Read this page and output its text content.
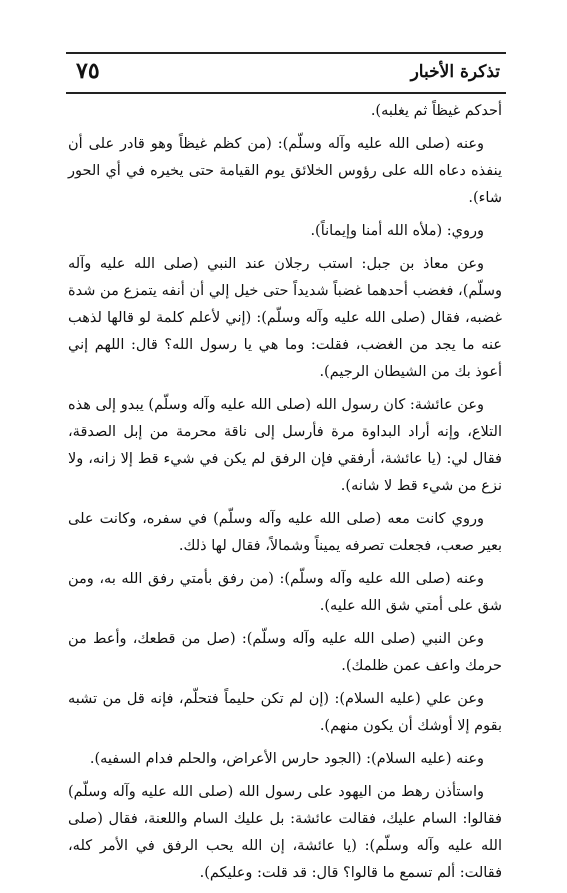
تذكرة الأخبار
٧٥

أحدكم غيظاً ثم يغلبه).

وعنه (صلى الله عليه وآله وسلّم): (من كظم غيظاً وهو قادر على أن ينفذه دعاه الله على رؤوس الخلائق يوم القيامة حتى يخيره في أي الحور شاء).

وروي: (ملأه الله أمنا وإيماناً).

وعن معاذ بن جبل: استب رجلان عند النبي (صلى الله عليه وآله وسلّم)، فغضب أحدهما غضباً شديداً حتى خيل إلي أن أنفه يتمزع من شدة غضبه، فقال (صلى الله عليه وآله وسلّم): (إني لأعلم كلمة لو قالها لذهب عنه ما يجد من الغضب، فقلت: وما هي يا رسول الله؟ قال: اللهم إني أعوذ بك من الشيطان الرجيم).

وعن عائشة: كان رسول الله (صلى الله عليه وآله وسلّم) يبدو إلى هذه التلاع، وإنه أراد البداوة مرة فأرسل إلى ناقة محرمة من إبل الصدقة، فقال لي: (يا عائشة، أرفقي فإن الرفق لم يكن في شيء قط إلا زانه، ولا نزع من شيء قط لا شانه).

وروي كانت معه (صلى الله عليه وآله وسلّم) في سفره، وكانت على بعير صعب، فجعلت تصرفه يميناً وشمالاً، فقال لها ذلك.

وعنه (صلى الله عليه وآله وسلّم): (من رفق بأمتي رفق الله به، ومن شق على أمتي شق الله عليه).

وعن النبي (صلى الله عليه وآله وسلّم): (صل من قطعك، وأعط من حرمك واعف عمن ظلمك).

وعن علي (عليه السلام): (إن لم تكن حليماً فتحلّم، فإنه قل من تشبه بقوم إلا أوشك أن يكون منهم).

وعنه (عليه السلام): (الجود حارس الأعراض، والحلم فدام السفيه).

واستأذن رهط من اليهود على رسول الله (صلى الله عليه وآله وسلّم) فقالوا: السام عليك، فقالت عائشة: بل عليك السام واللعنة، فقال (صلى الله عليه وآله وسلّم): (يا عائشة، إن الله يحب الرفق في الأمر كله، فقالت: ألم تسمع ما قالوا؟ قال: قد قلت: وعليكم).
